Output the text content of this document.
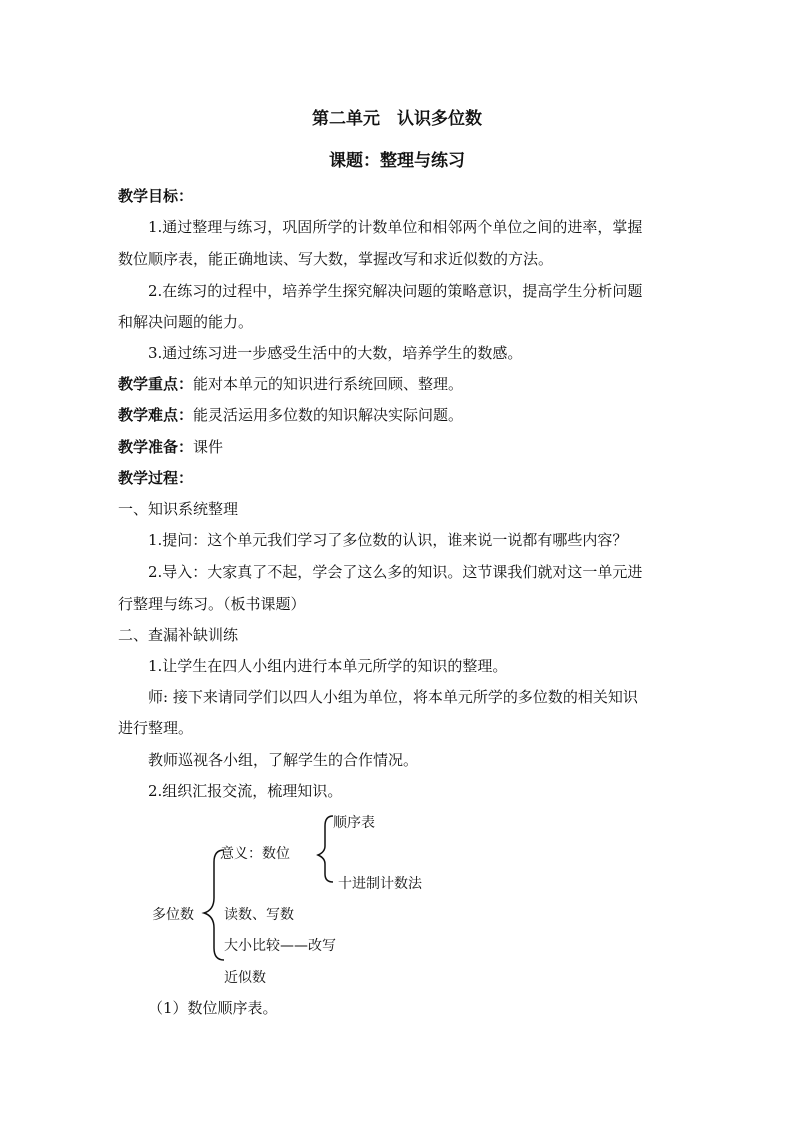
第二单元　认识多位数
课题：整理与练习
教学目标：
1.通过整理与练习，巩固所学的计数单位和相邻两个单位之间的进率，掌握
数位顺序表，能正确地读、写大数，掌握改写和求近似数的方法。
2.在练习的过程中，培养学生探究解决问题的策略意识，提高学生分析问题
和解决问题的能力。
3.通过练习进一步感受生活中的大数，培养学生的数感。
教学重点：能对本单元的知识进行系统回顾、整理。
教学难点：能灵活运用多位数的知识解决实际问题。
教学准备：课件
教学过程：
一、知识系统整理
1.提问：这个单元我们学习了多位数的认识，谁来说一说都有哪些内容？
2.导入：大家真了不起，学会了这么多的知识。这节课我们就对这一单元进
行整理与练习。（板书课题）
二、查漏补缺训练
1.让学生在四人小组内进行本单元所学的知识的整理。
师: 接下来请同学们以四人小组为单位，将本单元所学的多位数的相关知识
进行整理。
教师巡视各小组，了解学生的合作情况。
2.组织汇报交流，梳理知识。
多位数
意义：数位
顺序表
十进制计数法
读数、写数
大小比较——改写
近似数
（1）数位顺序表。
